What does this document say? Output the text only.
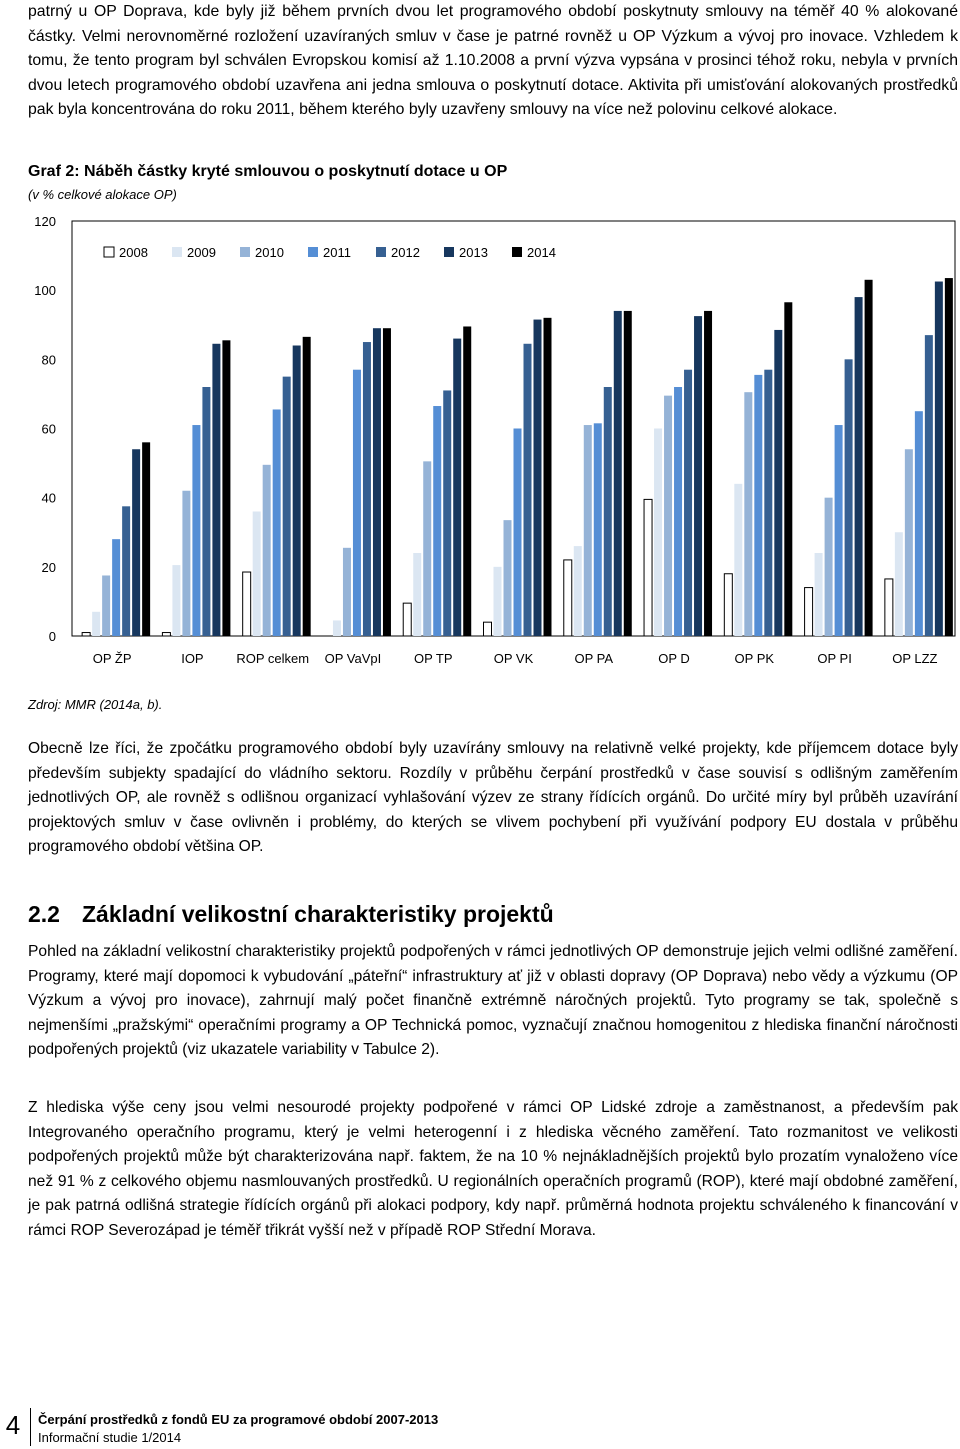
patrný u OP Doprava, kde byly již během prvních dvou let programového období poskytnuty smlouvy na téměř 40 % alokované částky. Velmi nerovnoměrné rozložení uzavíraných smluv v čase je patrné rovněž u OP Výzkum a vývoj pro inovace. Vzhledem k tomu, že tento program byl schválen Evropskou komisí až 1.10.2008 a první výzva vypsána v prosinci téhož roku, nebyla v prvních dvou letech programového období uzavřena ani jedna smlouva o poskytnutí dotace. Aktivita při umisťování alokovaných prostředků pak byla koncentrována do roku 2011, během kterého byly uzavřeny smlouvy na více než polovinu celkové alokace.

Graf 2: Náběh částky kryté smlouvou o poskytnutí dotace u OP

(v % celkové alokace OP)

0
20
40
60
80
100
120
OP ŽP	IOP	ROP celkem OP VaVpI	OP TP	OP VK	OP PA	OP D	OP PK	OP PI	OP LZZ
2008	2009	2010	2011	2012	2013	2014

Zdroj: MMR (2014a, b).

Obecně lze říci, že zpočátku programového období byly uzavírány smlouvy na relativně velké projekty, kde příjemcem dotace byly především subjekty spadající do vládního sektoru. Rozdíly v průběhu čerpání prostředků v čase souvisí s odlišným zaměřením jednotlivých OP, ale rovněž s odlišnou organizací vyhlašování výzev ze strany řídících orgánů. Do určité míry byl průběh uzavírání projektových smluv v čase ovlivněn i problémy, do kterých se vlivem pochybení při využívání podpory EU dostala v průběhu programového období většina OP.

2.2 Základní velikostní charakteristiky projektů

Pohled na základní velikostní charakteristiky projektů podpořených v rámci jednotlivých OP demonstruje jejich velmi odlišné zaměření. Programy, které mají dopomoci k vybudování „páteřní“ infrastruktury ať již v oblasti dopravy (OP Doprava) nebo vědy a výzkumu (OP Výzkum a vývoj pro inovace), zahrnují malý počet finančně extrémně náročných projektů. Tyto programy se tak, společně s nejmenšími „pražskými“ operačními programy a OP Technická pomoc, vyznačují značnou homogenitou z hlediska finanční náročnosti podpořených projektů (viz ukazatele variability v Tabulce 2).

Z hlediska výše ceny jsou velmi nesourodé projekty podpořené v rámci OP Lidské zdroje a zaměstnanost, a především pak Integrovaného operačního programu, který je velmi heterogenní i z hlediska věcného zaměření. Tato rozmanitost ve velikosti podpořených projektů může být charakterizována např. faktem, že na 10 % nejnákladnějších projektů bylo prozatím vynaloženo více než 91 % z celkového objemu nasmlouvaných prostředků. U regionálních operačních programů (ROP), které mají obdobné zaměření, je pak patrná odlišná strategie řídících orgánů při alokaci podpory, kdy např. průměrná hodnota projektu schváleného k financování v rámci ROP Severozápad je téměř třikrát vyšší než v případě ROP Střední Morava.

4	Čerpání prostředků z fondů EU za programové období 2007-2013
Informační studie 1/2014
